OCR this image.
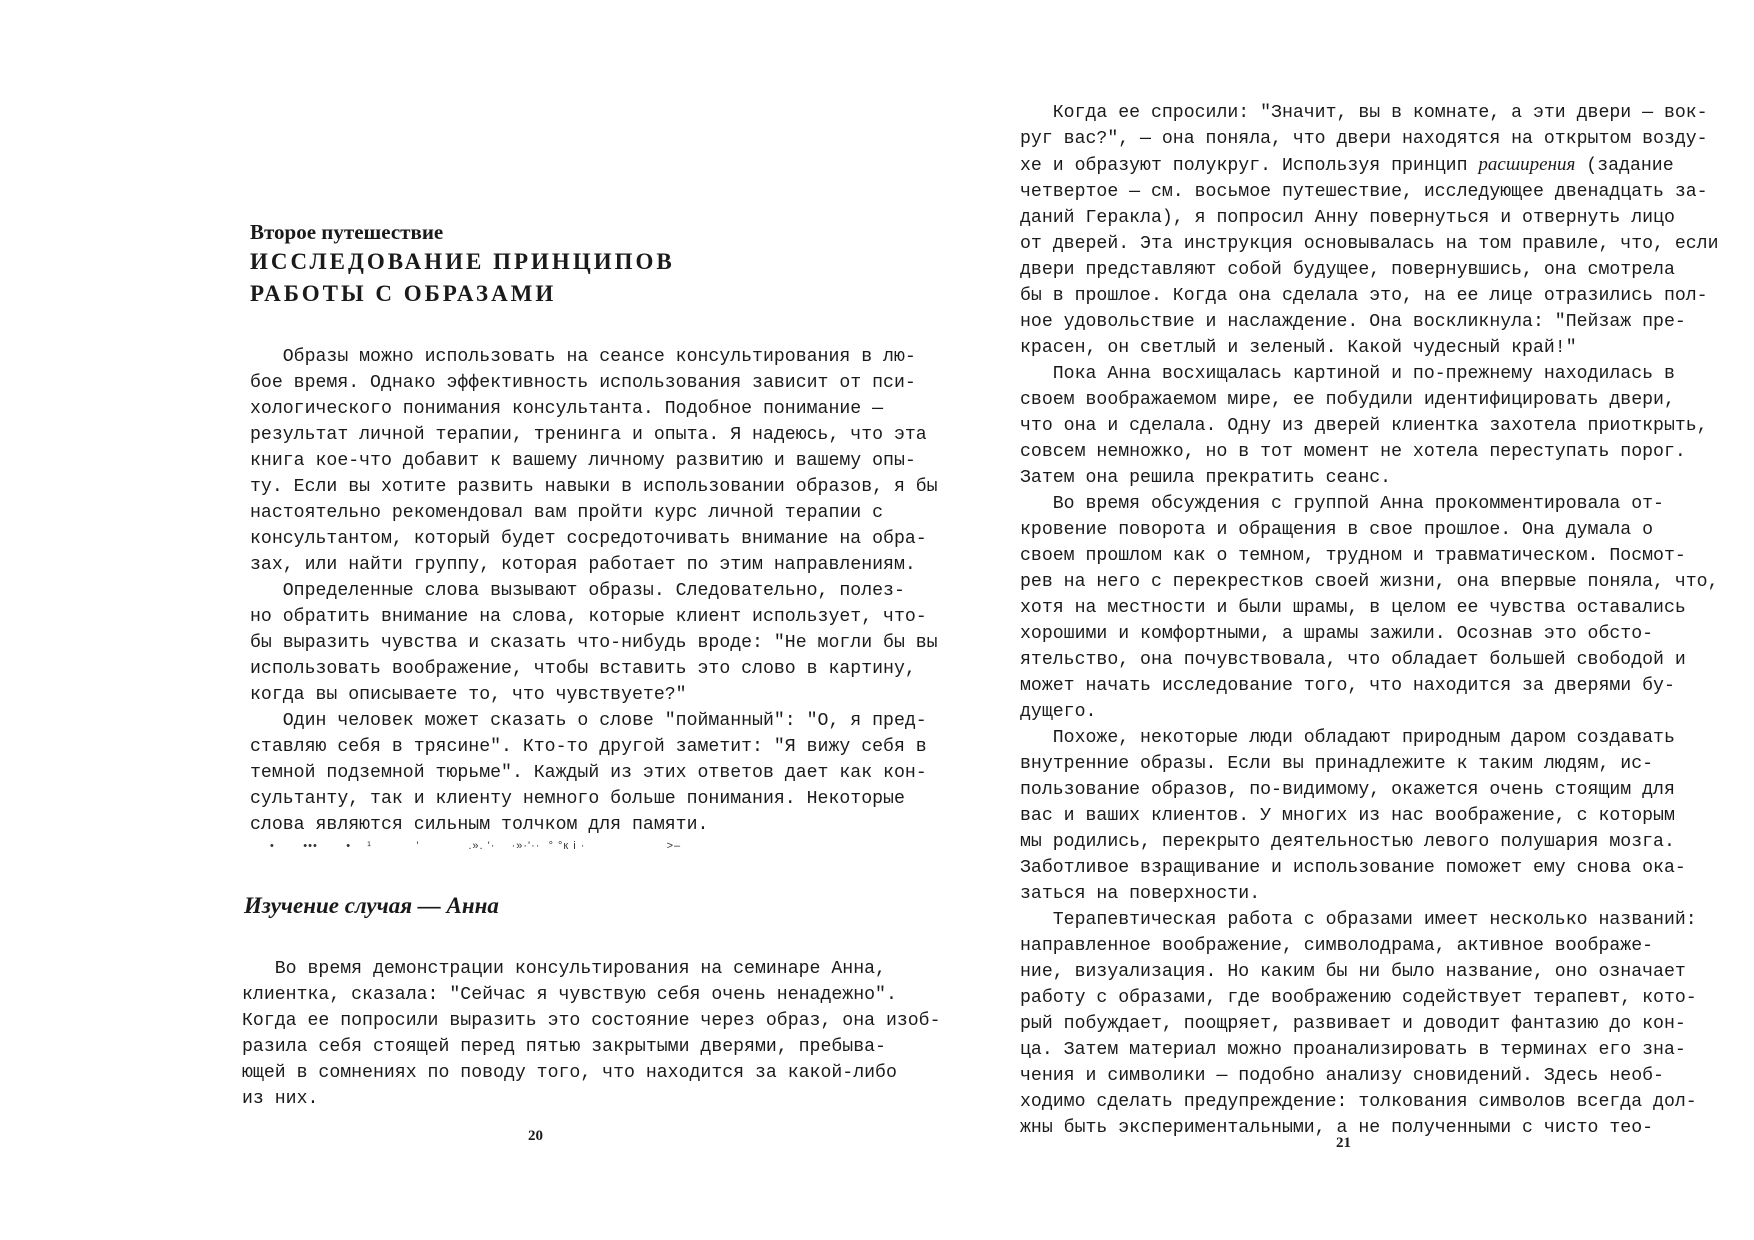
Второе путешествие
ИССЛЕДОВАНИЕ ПРИНЦИПОВ
РАБОТЫ С ОБРАЗАМИ
Образы можно использовать на сеансе консультирования в лю-
бое время. Однако эффективность использования зависит от пси-
хологического понимания консультанта. Подобное понимание —
результат личной терапии, тренинга и опыта. Я надеюсь, что эта
книга кое-что добавит к вашему личному развитию и вашему опы-
ту. Если вы хотите развить навыки в использовании образов, я бы
настоятельно рекомендовал вам пройти курс личной терапии с
консультантом, который будет сосредоточивать внимание на обра-
зах, или найти группу, которая работает по этим направлениям.
Определенные слова вызывают образы. Следовательно, полез-
но обратить внимание на слова, которые клиент использует, что-
бы выразить чувства и сказать что-нибудь вроде: "Не могли бы вы
использовать воображение, чтобы вставить это слово в картину,
когда вы описываете то, что чувствуете?"
Один человек может сказать о слове "пойманный": "О, я пред-
ставляю себя в трясине". Кто-то другой заметит: "Я вижу себя в
темной подземной тюрьме". Каждый из этих ответов дает как кон-
сультанту, так и клиенту немного больше понимания. Некоторые
слова являются сильным толчком для памяти.
•       •••       •    ¹           '            .». '·    ·»·'··  ° °к і ·                    >–
Изучение случая — Анна
Во время демонстрации консультирования на семинаре Анна,
клиентка, сказала: "Сейчас я чувствую себя очень ненадежно".
Когда ее попросили выразить это состояние через образ, она изоб-
разила себя стоящей перед пятью закрытыми дверями, пребыва-
ющей в сомнениях по поводу того, что находится за какой-либо
из них.
20
Когда ее спросили: "Значит, вы в комнате, а эти двери — вок-
руг вас?", — она поняла, что двери находятся на открытом возду-
хе и образуют полукруг. Используя принцип расширения (задание
четвертое — см. восьмое путешествие, исследующее двенадцать за-
даний Геракла), я попросил Анну повернуться и отвернуть лицо
от дверей. Эта инструкция основывалась на том правиле, что, если
двери представляют собой будущее, повернувшись, она смотрела
бы в прошлое. Когда она сделала это, на ее лице отразились пол-
ное удовольствие и наслаждение. Она воскликнула: "Пейзаж пре-
красен, он светлый и зеленый. Какой чудесный край!"
Пока Анна восхищалась картиной и по-прежнему находилась в
своем воображаемом мире, ее побудили идентифицировать двери,
что она и сделала. Одну из дверей клиентка захотела приоткрыть,
совсем немножко, но в тот момент не хотела переступать порог.
Затем она решила прекратить сеанс.
Во время обсуждения с группой Анна прокомментировала от-
кровение поворота и обращения в свое прошлое. Она думала о
своем прошлом как о темном, трудном и травматическом. Посмот-
рев на него с перекрестков своей жизни, она впервые поняла, что,
хотя на местности и были шрамы, в целом ее чувства оставались
хорошими и комфортными, а шрамы зажили. Осознав это обсто-
ятельство, она почувствовала, что обладает большей свободой и
может начать исследование того, что находится за дверями бу-
дущего.
Похоже, некоторые люди обладают природным даром создавать
внутренние образы. Если вы принадлежите к таким людям, ис-
пользование образов, по-видимому, окажется очень стоящим для
вас и ваших клиентов. У многих из нас воображение, с которым
мы родились, перекрыто деятельностью левого полушария мозга.
Заботливое взращивание и использование поможет ему снова ока-
заться на поверхности.
Терапевтическая работа с образами имеет несколько названий:
направленное воображение, символодрама, активное воображе-
ние, визуализация. Но каким бы ни было название, оно означает
работу с образами, где воображению содействует терапевт, кото-
рый побуждает, поощряет, развивает и доводит фантазию до кон-
ца. Затем материал можно проанализировать в терминах его зна-
чения и символики — подобно анализу сновидений. Здесь необ-
ходимо сделать предупреждение: толкования символов всегда дол-
жны быть экспериментальными, а не полученными с чисто тео-
21
